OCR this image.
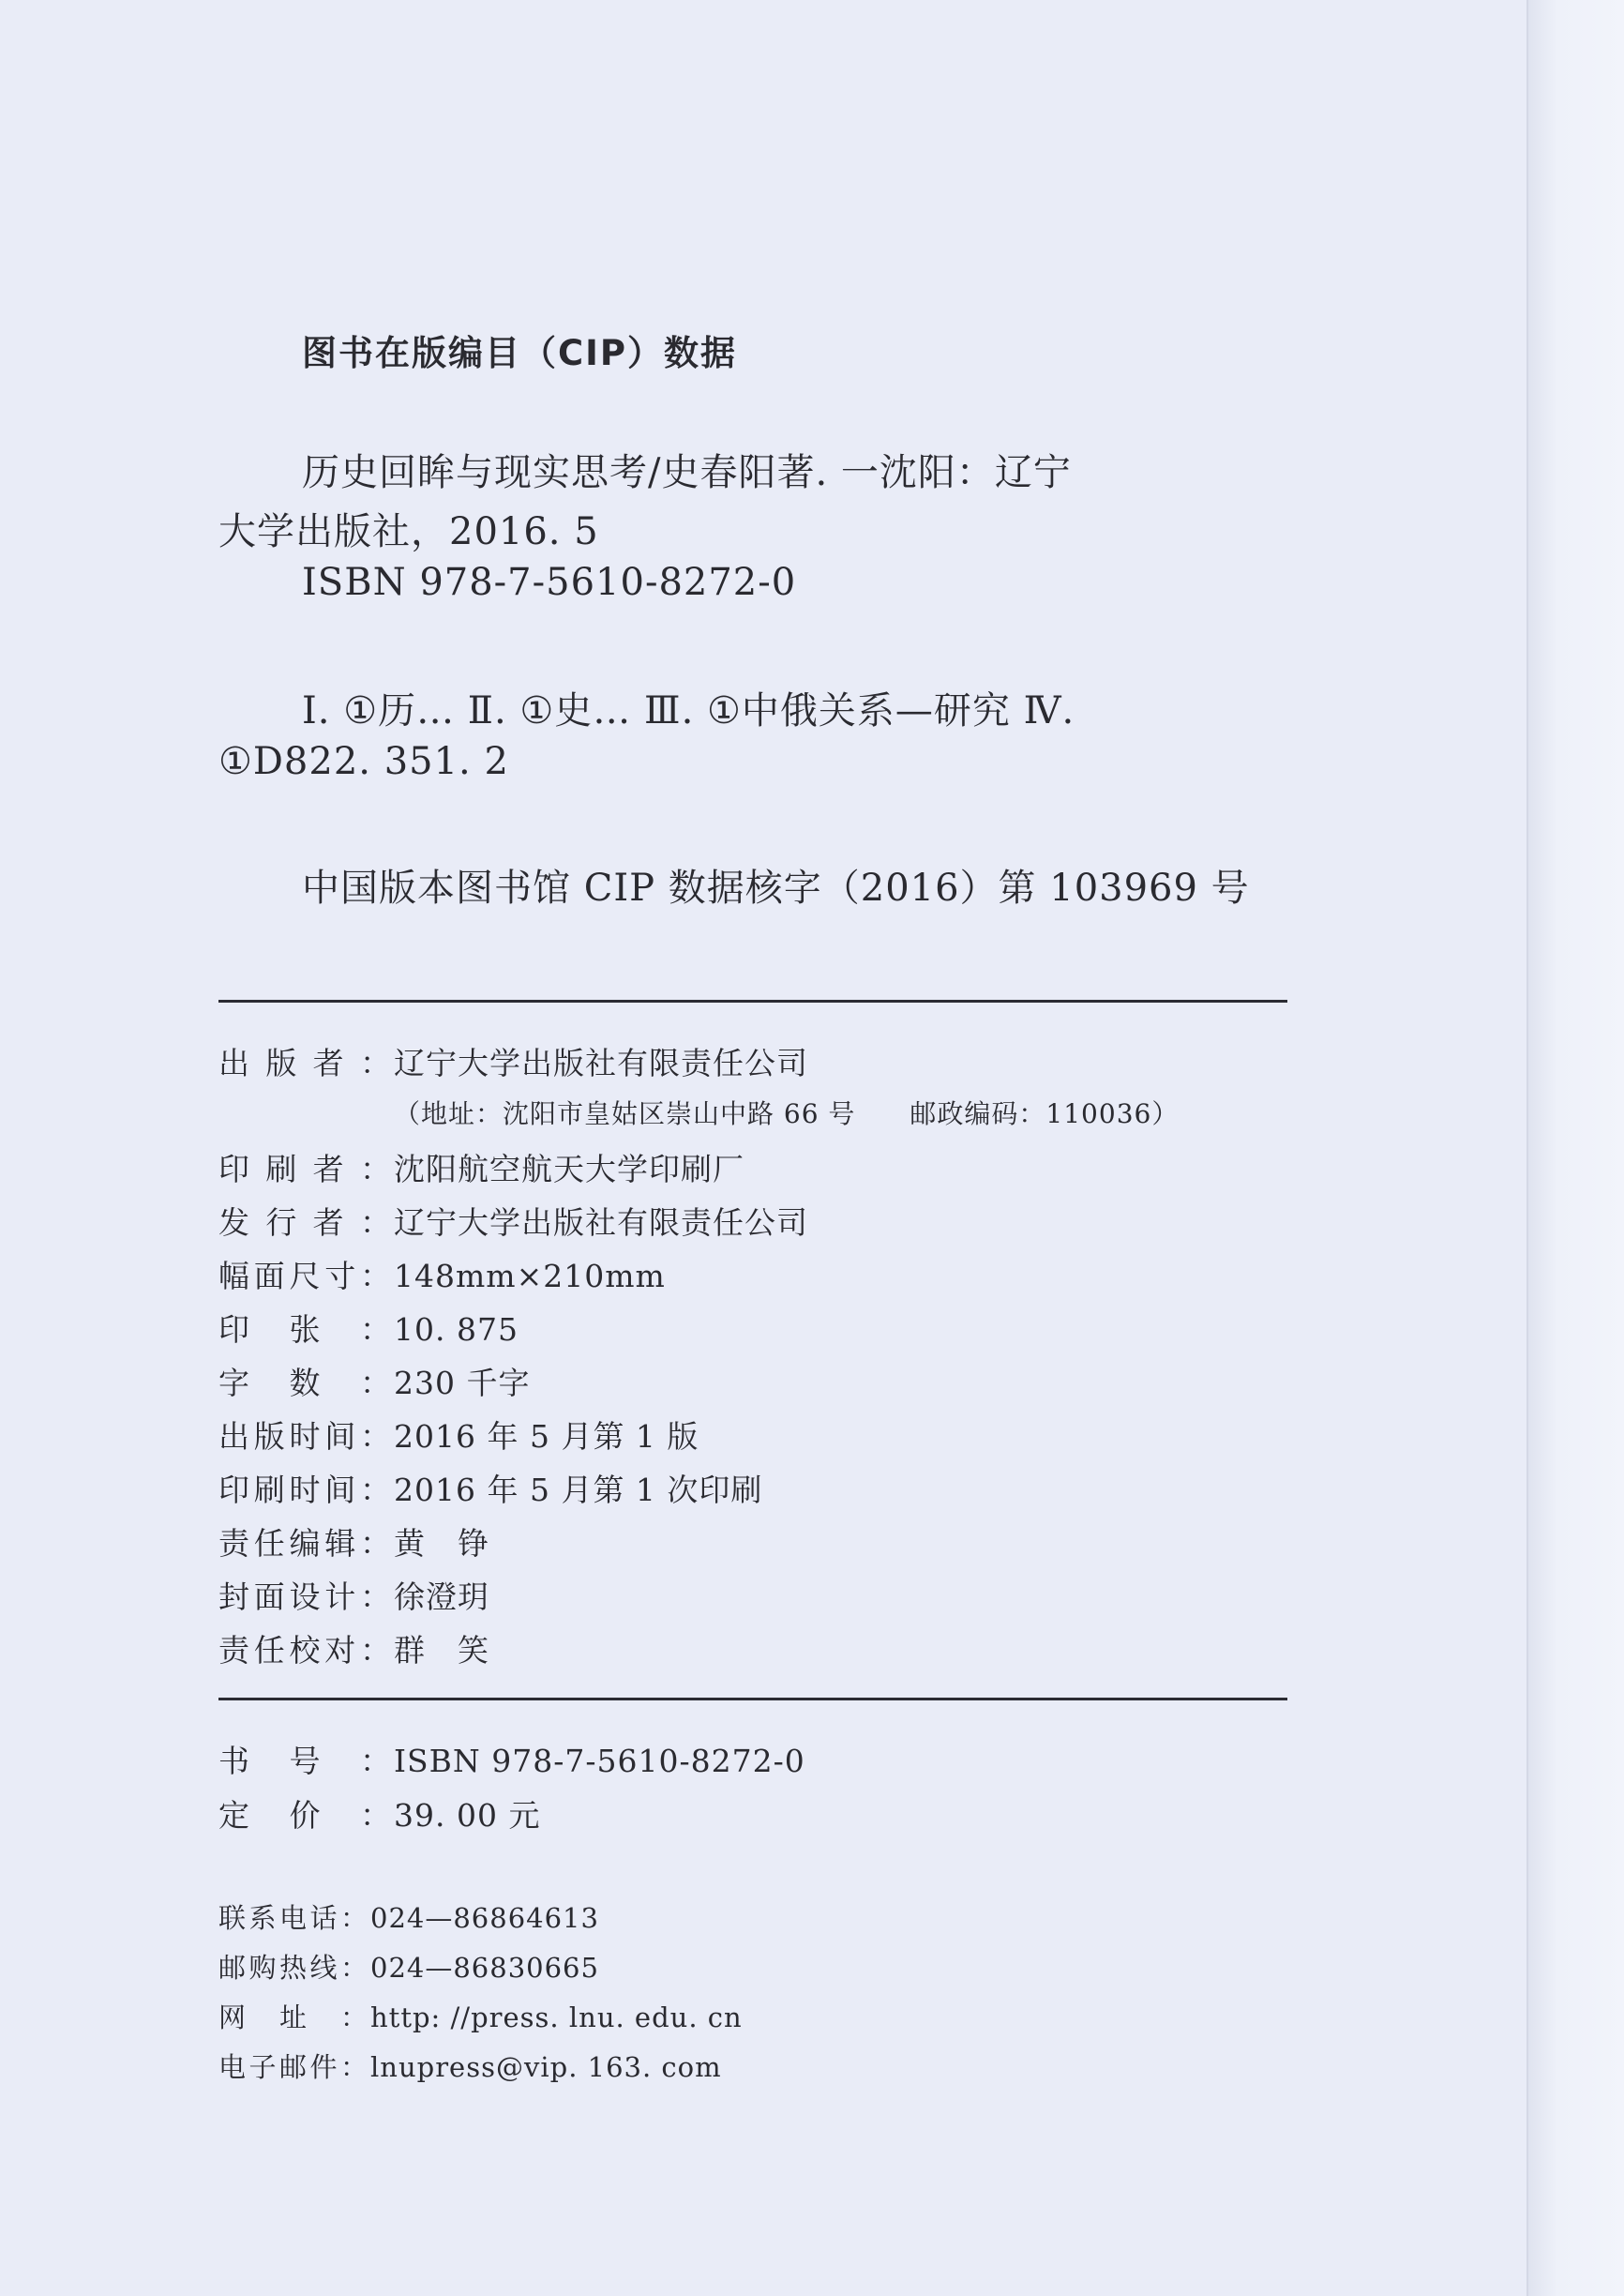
图书在版编目（CIP）数据
历史回眸与现实思考/史春阳著. 一沈阳：辽宁
大学出版社，2016. 5
ISBN 978-7-5610-8272-0
Ⅰ. ①历… Ⅱ. ①史… Ⅲ. ①中俄关系—研究 Ⅳ.
①D822. 351. 2
中国版本图书馆 CIP 数据核字（2016）第 103969 号
出版者：辽宁大学出版社有限责任公司
（地址：沈阳市皇姑区崇山中路 66 号　　邮政编码：110036）
印刷者：沈阳航空航天大学印刷厂
发行者：辽宁大学出版社有限责任公司
幅面尺寸：148mm×210mm
印张：10. 875
字数：230 千字
出版时间：2016 年 5 月第 1 版
印刷时间：2016 年 5 月第 1 次印刷
责任编辑：黄　铮
封面设计：徐澄玥
责任校对：群　笑
书号：ISBN 978-7-5610-8272-0
定价：39. 00 元
联系电话：024—86864613
邮购热线：024—86830665
网址：http: //press. lnu. edu. cn
电子邮件：lnupress@vip. 163. com
